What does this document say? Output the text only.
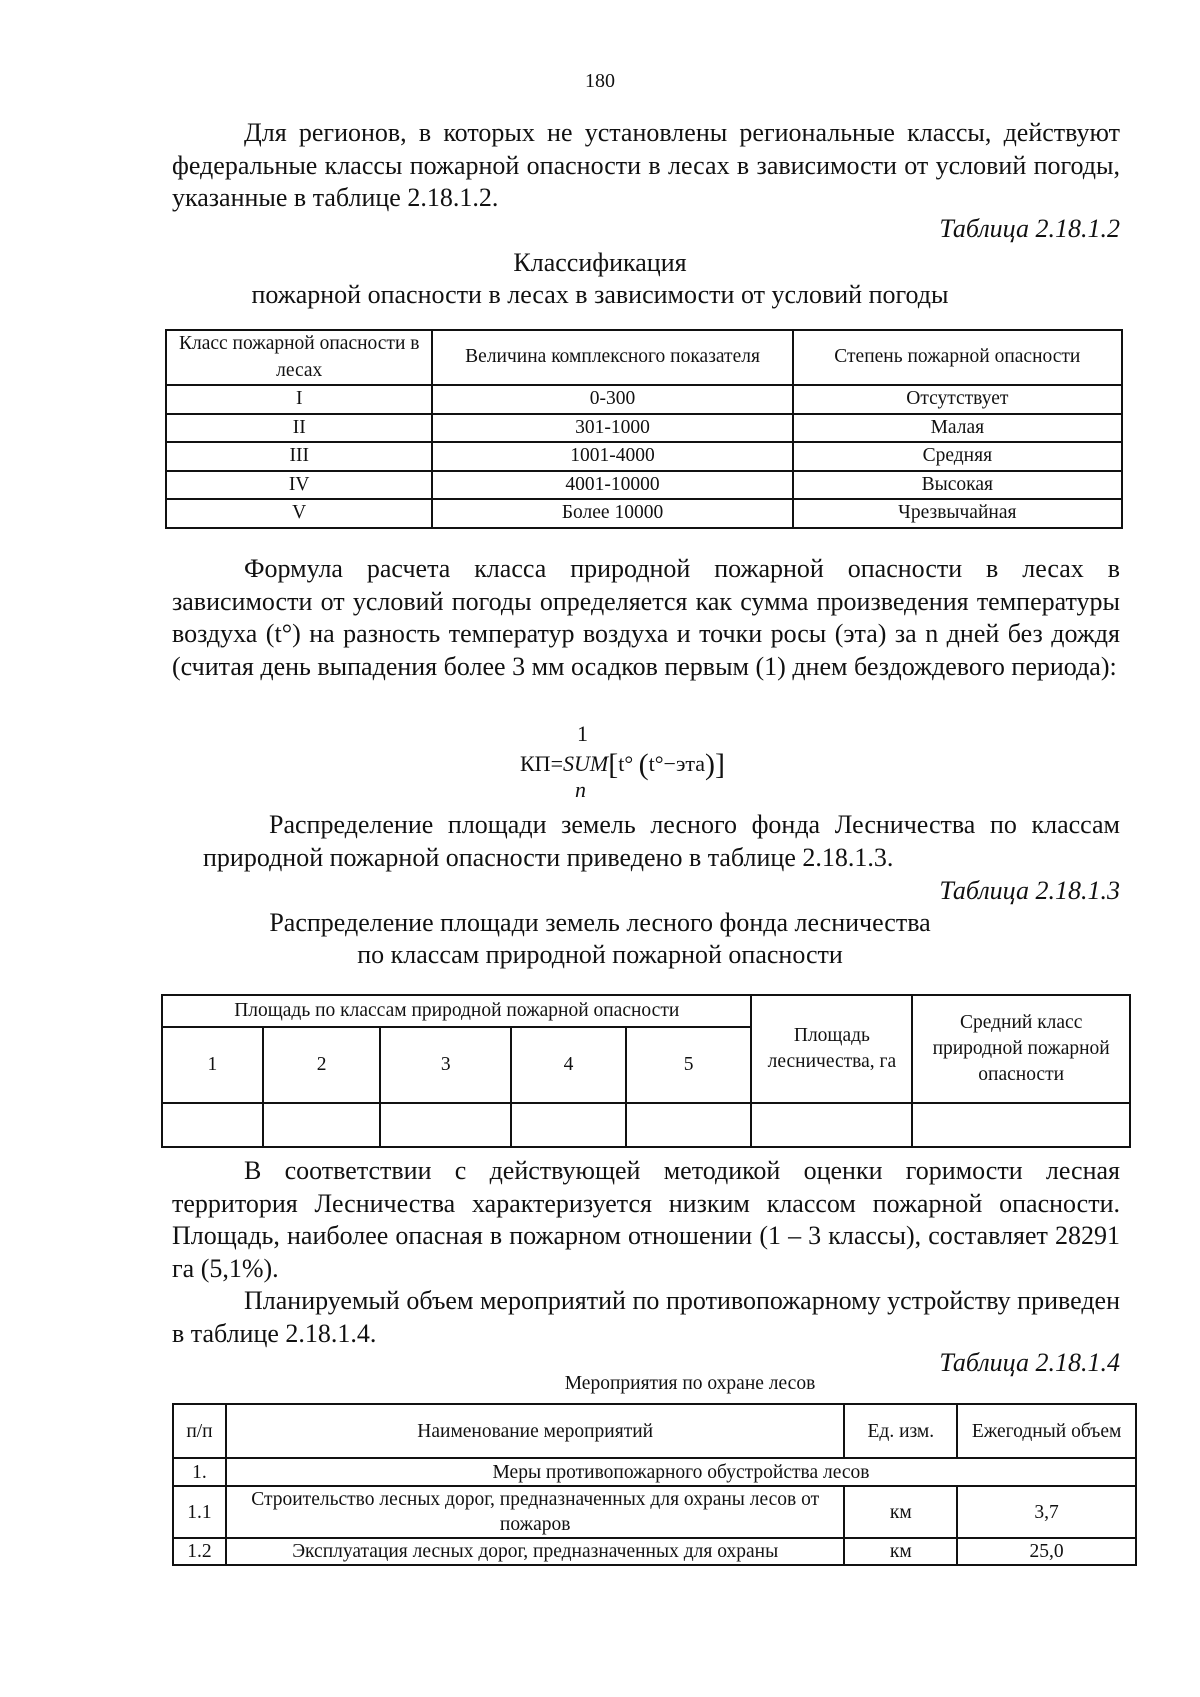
180

Для регионов, в которых не установлены региональные классы, действуют федеральные классы пожарной опасности в лесах в зависимости от условий погоды, указанные в таблице 2.18.1.2.

Таблица 2.18.1.2

Классификация

пожарной опасности в лесах в зависимости от условий погоды

Класс пожарной опасности в лесах	Величина комплексного показателя	Степень пожарной опасности
I	0-300	Отсутствует
II	301-1000	Малая
III	1001-4000	Средняя
IV	4001-10000	Высокая
V	Более 10000	Чрезвычайная

Формула расчета класса природной пожарной опасности в лесах в зависимости от условий погоды определяется как сумма произведения температуры воздуха (t°) на разность температур воздуха и точки росы (эта) за n дней без дождя (считая день выпадения более 3 мм осадков первым (1) днем бездождевого периода):

1
КП=SUM[t° (t°−эта)]
n

Распределение площади земель лесного фонда Лесничества по классам природной пожарной опасности приведено в таблице 2.18.1.3.

Таблица 2.18.1.3

Распределение площади земель лесного фонда лесничества

по классам природной пожарной опасности

Площадь по классам природной пожарной опасности					Площадь лесничества, га	Средний класс природной пожарной опасности
1	2	3	4	5		

В соответствии с действующей методикой оценки горимости лесная территория Лесничества характеризуется низким классом пожарной опасности. Площадь, наиболее опасная в пожарном отношении (1 – 3 классы), составляет 28291 га (5,1%).

Планируемый объем мероприятий по противопожарному устройству приведен в таблице 2.18.1.4.

Таблица 2.18.1.4
Мероприятия по охране лесов
п/п	Наименование мероприятий	Ед. изм.	Ежегодный объем
1.	Меры противопожарного обустройства лесов		
1.1	Строительство лесных дорог, предназначенных для охраны лесов от пожаров	км	3,7
1.2	Эксплуатация лесных дорог, предназначенных для охраны	км	25,0
